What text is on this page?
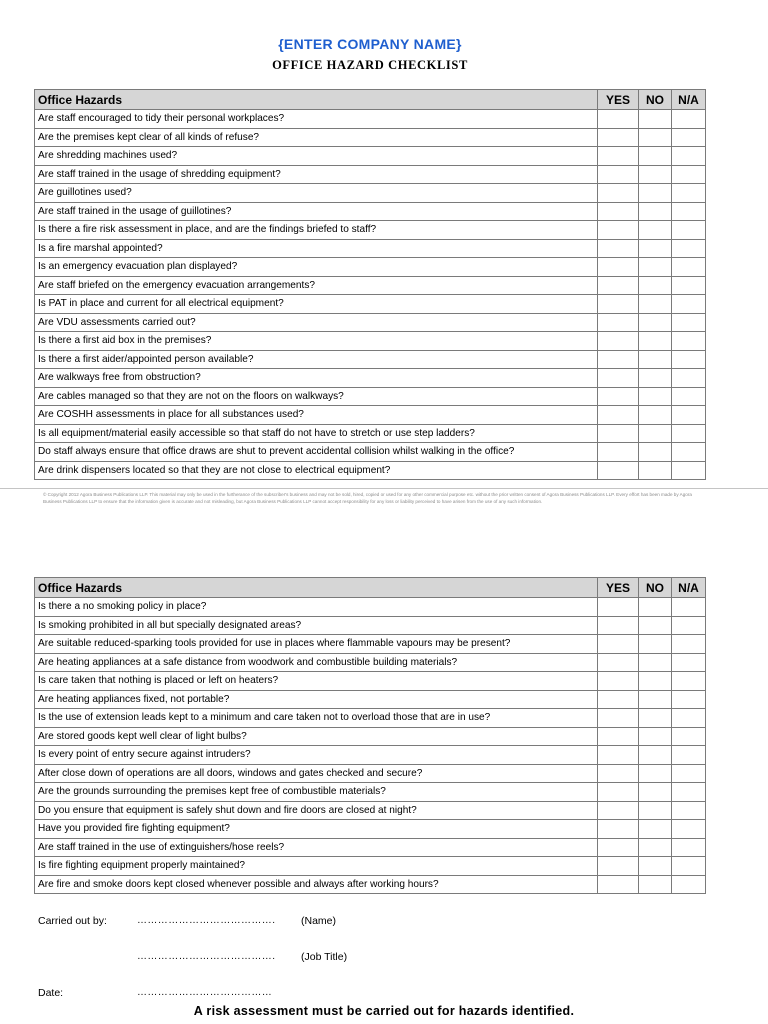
{ENTER COMPANY NAME}
OFFICE HAZARD CHECKLIST
Office Hazards	YES	NO	N/A
Are staff encouraged to tidy their personal workplaces?			
Are the premises kept clear of all kinds of refuse?			
Are shredding machines used?			
Are staff trained in the usage of shredding equipment?			
Are guillotines used?			
Are staff trained in the usage of guillotines?			
Is there a fire risk assessment in place, and are the findings briefed to staff?			
Is a fire marshal appointed?			
Is an emergency evacuation plan displayed?			
Are staff briefed on the emergency evacuation arrangements?			
Is PAT in place and current for all electrical equipment?			
Are VDU assessments carried out?			
Is there a first aid box in the premises?			
Is there a first aider/appointed person available?			
Are walkways free from obstruction?			
Are cables managed so that they are not on the floors on walkways?			
Are COSHH assessments in place for all substances used?			
Is all equipment/material easily accessible so that staff do not have to stretch or use step ladders?			
Do staff always ensure that office draws are shut to prevent accidental collision whilst walking in the office?			
Are drink dispensers located so that they are not close to electrical equipment?			
© Copyright 2012 Agora Business Publications LLP. This material may only be used in the furtherance of the subscriber's business and may not be sold, hired, copied or used for any other commercial purpose etc. without the prior written consent of Agora Business Publications LLP. Every effort has been made by Agora Business Publications LLP to ensure that the information given is accurate and not misleading, but Agora Business Publications LLP cannot accept responsibility for any loss or liability perceived to have arisen from the use of any such information.
Office Hazards	YES	NO	N/A
Is there a no smoking policy in place?			
Is smoking prohibited in all but specially designated areas?			
Are suitable reduced-sparking tools provided for use in places where flammable vapours may be present?			
Are heating appliances at a safe distance from woodwork and combustible building materials?			
Is care taken that nothing is placed or left on heaters?			
Are heating appliances fixed, not portable?			
Is the use of extension leads kept to a minimum and care taken not to overload those that are in use?			
Are stored goods kept well clear of light bulbs?			
Is every point of entry secure against intruders?			
After close down of operations are all doors, windows and gates checked and secure?			
Are the grounds surrounding the premises kept free of combustible materials?			
Do you ensure that equipment is safely shut down and fire doors are closed at night?			
Have you provided fire fighting equipment?			
Are staff trained in the use of extinguishers/hose reels?			
Is fire fighting equipment properly maintained?			
Are fire and smoke doors kept closed whenever possible and always after working hours?			
Carried out by:	…………………………………. (Name)
…………………………………. (Job Title)
Date:	…………………………………
A risk assessment must be carried out for hazards identified.
